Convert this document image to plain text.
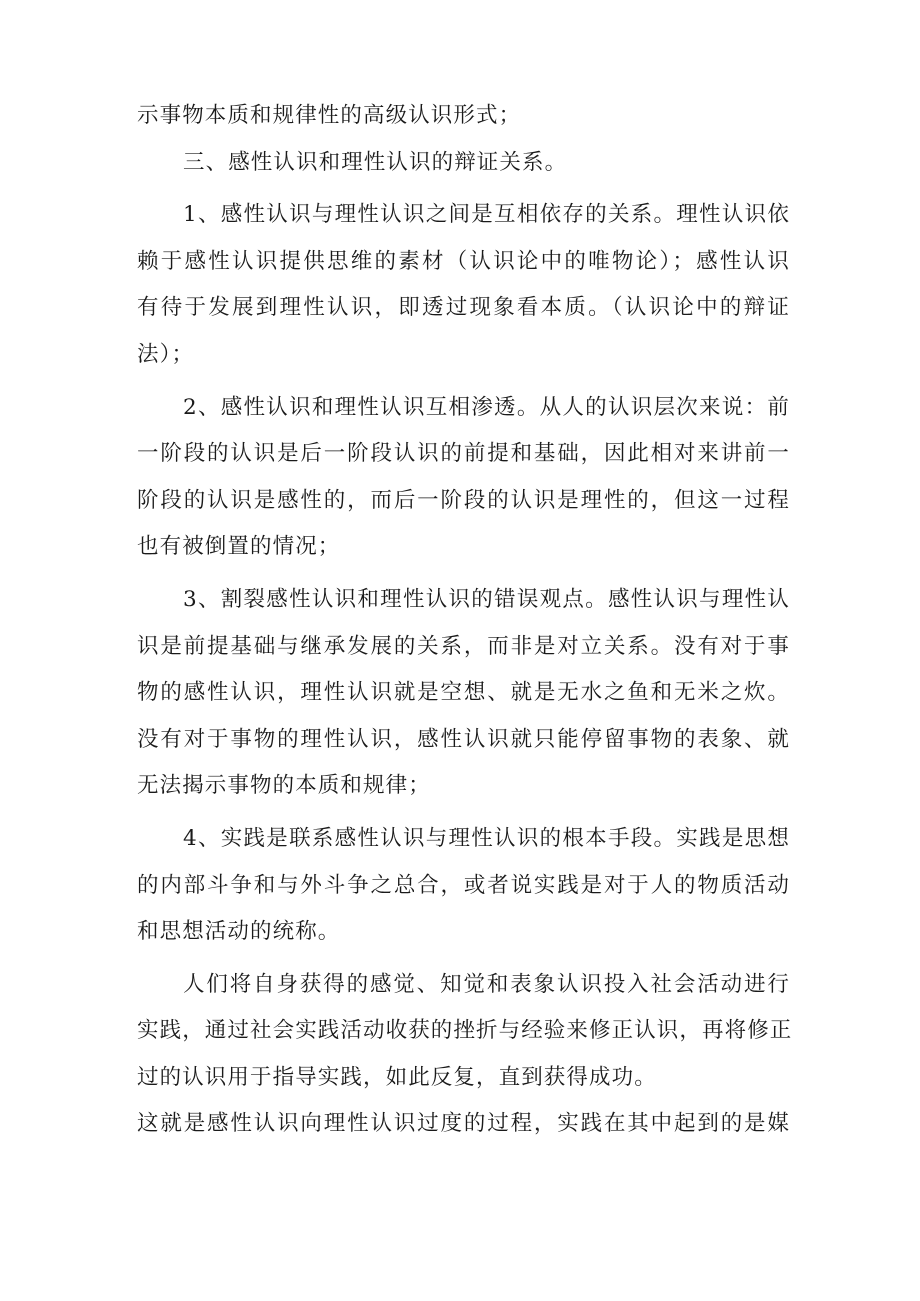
示事物本质和规律性的高级认识形式；
三、感性认识和理性认识的辩证关系。
1、感性认识与理性认识之间是互相依存的关系。理性认识依
赖于感性认识提供思维的素材（认识论中的唯物论）；感性认识
有待于发展到理性认识，即透过现象看本质。（认识论中的辩证
法）；
2、感性认识和理性认识互相渗透。从人的认识层次来说：前
一阶段的认识是后一阶段认识的前提和基础，因此相对来讲前一
阶段的认识是感性的，而后一阶段的认识是理性的，但这一过程
也有被倒置的情况；
3、割裂感性认识和理性认识的错误观点。感性认识与理性认
识是前提基础与继承发展的关系，而非是对立关系。没有对于事
物的感性认识，理性认识就是空想、就是无水之鱼和无米之炊。
没有对于事物的理性认识，感性认识就只能停留事物的表象、就
无法揭示事物的本质和规律；
4、实践是联系感性认识与理性认识的根本手段。实践是思想
的内部斗争和与外斗争之总合，或者说实践是对于人的物质活动
和思想活动的统称。
人们将自身获得的感觉、知觉和表象认识投入社会活动进行
实践，通过社会实践活动收获的挫折与经验来修正认识，再将修正
过的认识用于指导实践，如此反复，直到获得成功。
这就是感性认识向理性认识过度的过程，实践在其中起到的是媒
